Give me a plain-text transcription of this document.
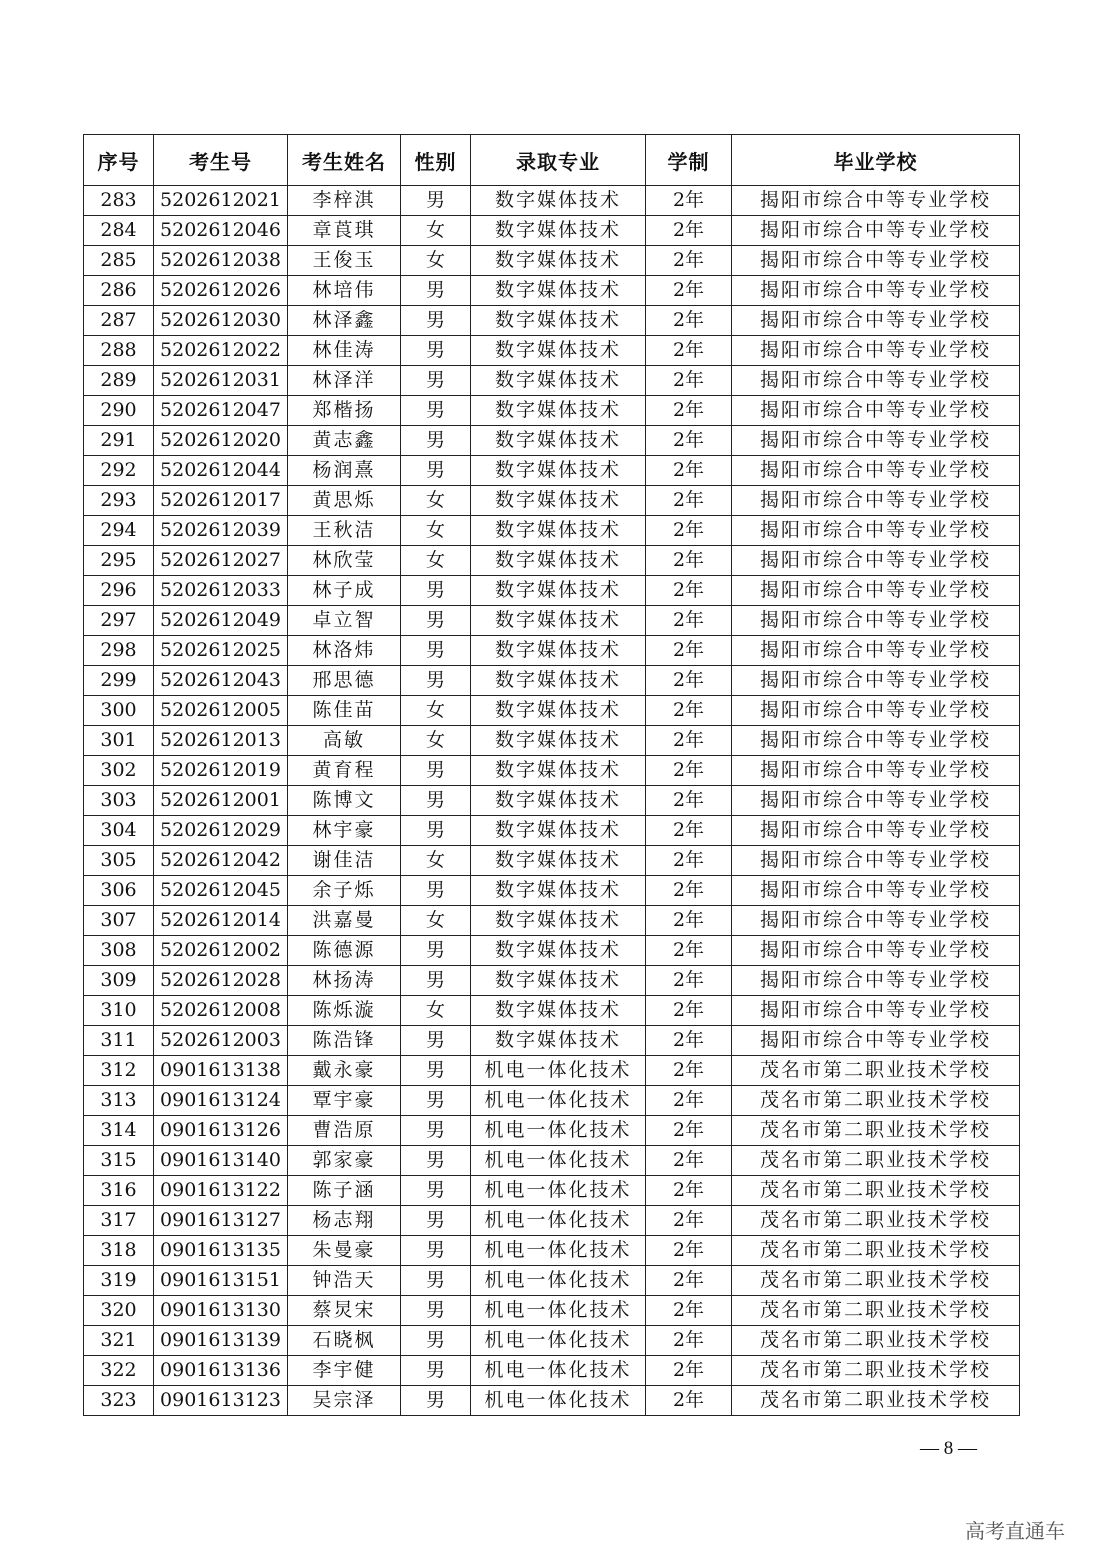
序号	考生号	考生姓名	性别	录取专业	学制	毕业学校
283	5202612021	李梓淇	男	数字媒体技术	2年	揭阳市综合中等专业学校
284	5202612046	章莨琪	女	数字媒体技术	2年	揭阳市综合中等专业学校
285	5202612038	王俊玉	女	数字媒体技术	2年	揭阳市综合中等专业学校
286	5202612026	林培伟	男	数字媒体技术	2年	揭阳市综合中等专业学校
287	5202612030	林泽鑫	男	数字媒体技术	2年	揭阳市综合中等专业学校
288	5202612022	林佳涛	男	数字媒体技术	2年	揭阳市综合中等专业学校
289	5202612031	林泽洋	男	数字媒体技术	2年	揭阳市综合中等专业学校
290	5202612047	郑楷扬	男	数字媒体技术	2年	揭阳市综合中等专业学校
291	5202612020	黄志鑫	男	数字媒体技术	2年	揭阳市综合中等专业学校
292	5202612044	杨润熹	男	数字媒体技术	2年	揭阳市综合中等专业学校
293	5202612017	黄思烁	女	数字媒体技术	2年	揭阳市综合中等专业学校
294	5202612039	王秋洁	女	数字媒体技术	2年	揭阳市综合中等专业学校
295	5202612027	林欣莹	女	数字媒体技术	2年	揭阳市综合中等专业学校
296	5202612033	林子成	男	数字媒体技术	2年	揭阳市综合中等专业学校
297	5202612049	卓立智	男	数字媒体技术	2年	揭阳市综合中等专业学校
298	5202612025	林洛炜	男	数字媒体技术	2年	揭阳市综合中等专业学校
299	5202612043	邢思德	男	数字媒体技术	2年	揭阳市综合中等专业学校
300	5202612005	陈佳苗	女	数字媒体技术	2年	揭阳市综合中等专业学校
301	5202612013	高敏	女	数字媒体技术	2年	揭阳市综合中等专业学校
302	5202612019	黄育程	男	数字媒体技术	2年	揭阳市综合中等专业学校
303	5202612001	陈博文	男	数字媒体技术	2年	揭阳市综合中等专业学校
304	5202612029	林宇豪	男	数字媒体技术	2年	揭阳市综合中等专业学校
305	5202612042	谢佳洁	女	数字媒体技术	2年	揭阳市综合中等专业学校
306	5202612045	余子烁	男	数字媒体技术	2年	揭阳市综合中等专业学校
307	5202612014	洪嘉曼	女	数字媒体技术	2年	揭阳市综合中等专业学校
308	5202612002	陈德源	男	数字媒体技术	2年	揭阳市综合中等专业学校
309	5202612028	林扬涛	男	数字媒体技术	2年	揭阳市综合中等专业学校
310	5202612008	陈烁漩	女	数字媒体技术	2年	揭阳市综合中等专业学校
311	5202612003	陈浩锋	男	数字媒体技术	2年	揭阳市综合中等专业学校
312	0901613138	戴永豪	男	机电一体化技术	2年	茂名市第二职业技术学校
313	0901613124	覃宇豪	男	机电一体化技术	2年	茂名市第二职业技术学校
314	0901613126	曹浩原	男	机电一体化技术	2年	茂名市第二职业技术学校
315	0901613140	郭家豪	男	机电一体化技术	2年	茂名市第二职业技术学校
316	0901613122	陈子涵	男	机电一体化技术	2年	茂名市第二职业技术学校
317	0901613127	杨志翔	男	机电一体化技术	2年	茂名市第二职业技术学校
318	0901613135	朱曼豪	男	机电一体化技术	2年	茂名市第二职业技术学校
319	0901613151	钟浩天	男	机电一体化技术	2年	茂名市第二职业技术学校
320	0901613130	蔡炅宋	男	机电一体化技术	2年	茂名市第二职业技术学校
321	0901613139	石晓枫	男	机电一体化技术	2年	茂名市第二职业技术学校
322	0901613136	李宇健	男	机电一体化技术	2年	茂名市第二职业技术学校
323	0901613123	吴宗泽	男	机电一体化技术	2年	茂名市第二职业技术学校
— 8 —
高考直通车
